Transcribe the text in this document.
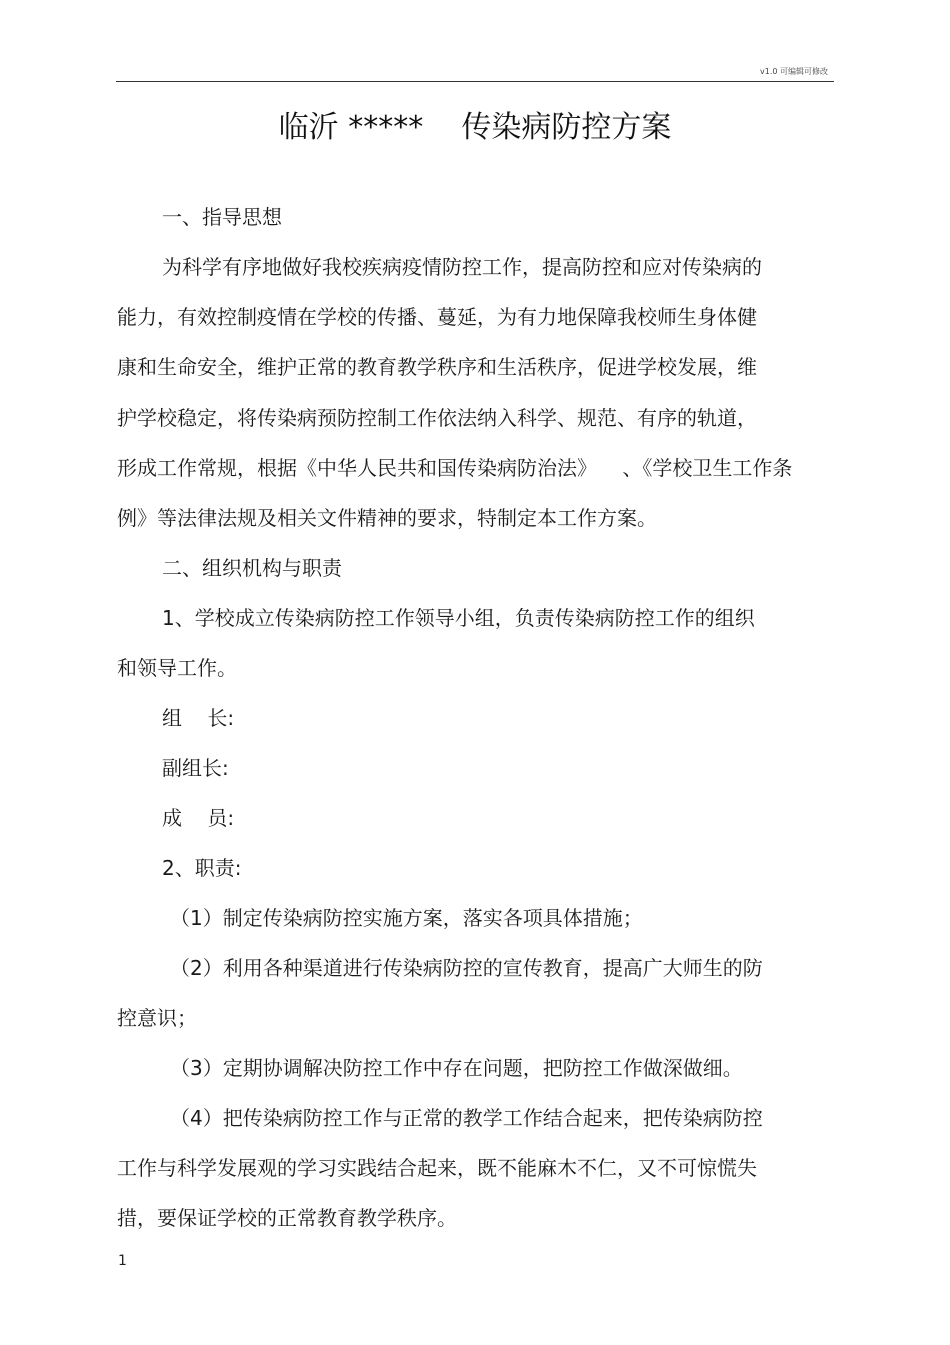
v1.0 可编辑可修改
临沂 *****    传染病防控方案
一、指导思想
为科学有序地做好我校疾病疫情防控工作，提高防控和应对传染病的
能力，有效控制疫情在学校的传播、蔓延，为有力地保障我校师生身体健
康和生命安全，维护正常的教育教学秩序和生活秩序，促进学校发展，维
护学校稳定，将传染病预防控制工作依法纳入科学、规范、有序的轨道，
形成工作常规，根据《中华人民共和国传染病防治法》    、《学校卫生工作条
例》等法律法规及相关文件精神的要求，特制定本工作方案。
二、组织机构与职责
1、学校成立传染病防控工作领导小组，负责传染病防控工作的组织
和领导工作。
组    长:
副组长:
成    员:
2、职责:
（1）制定传染病防控实施方案，落实各项具体措施；
（2）利用各种渠道进行传染病防控的宣传教育，提高广大师生的防
控意识；
（3）定期协调解决防控工作中存在问题，把防控工作做深做细。
（4）把传染病防控工作与正常的教学工作结合起来，把传染病防控
工作与科学发展观的学习实践结合起来，既不能麻木不仁，又不可惊慌失
措，要保证学校的正常教育教学秩序。
1
